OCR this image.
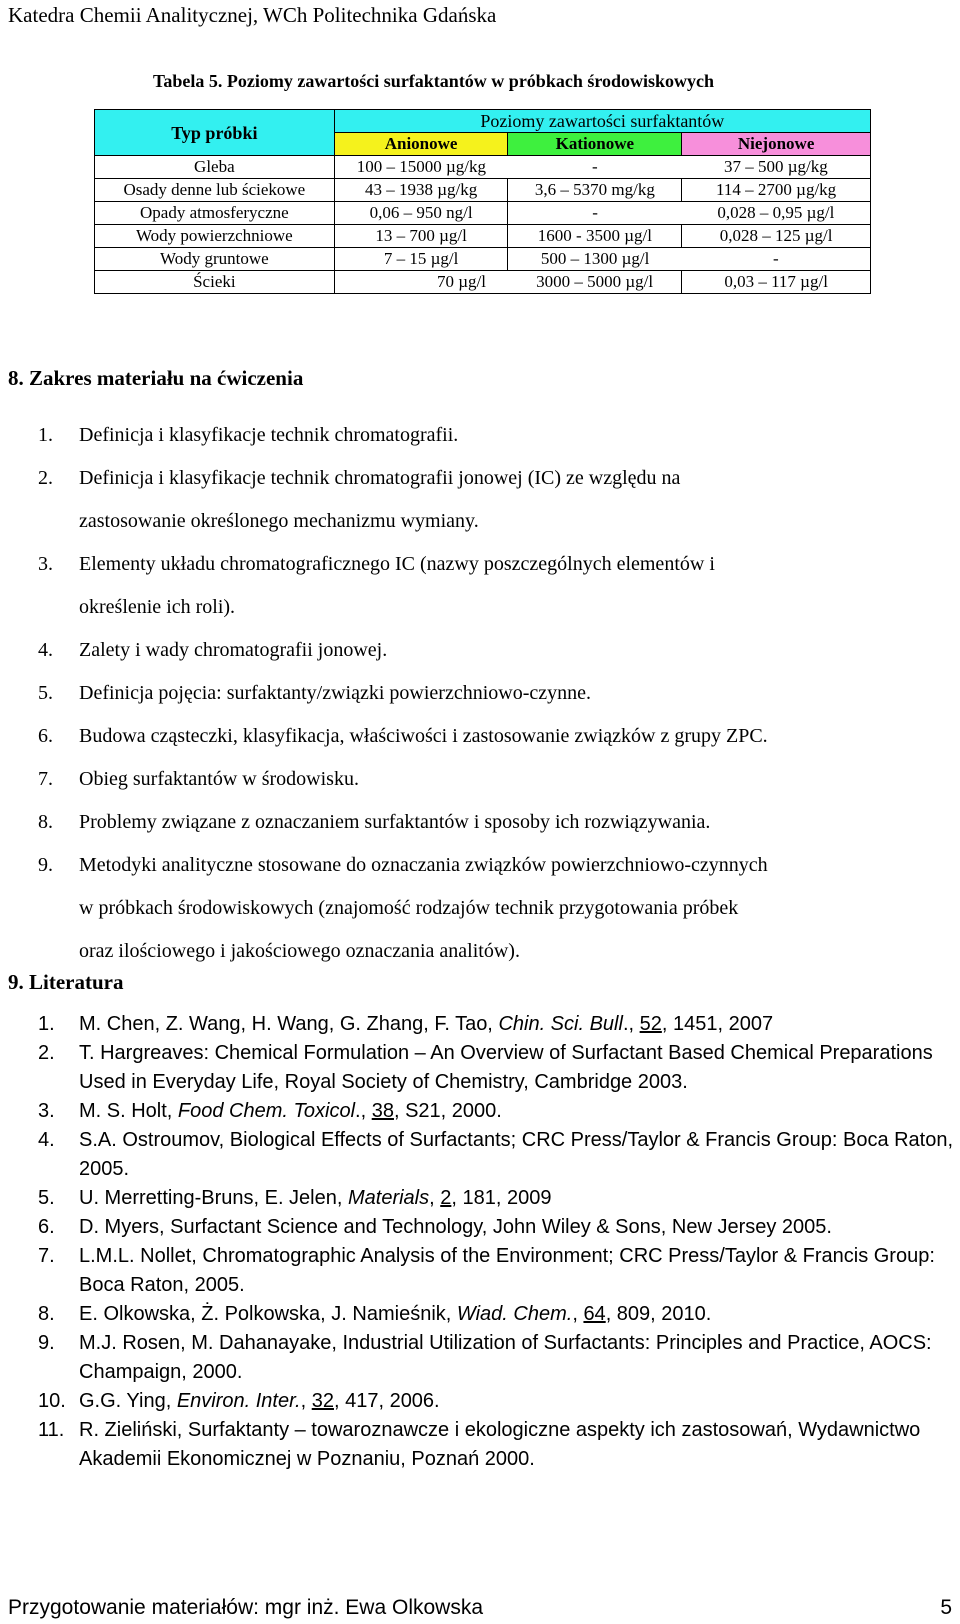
Katedra Chemii Analitycznej, WCh Politechnika Gdańska
Tabela 5. Poziomy zawartości surfaktantów w próbkach środowiskowych
Typ próbki	Poziomy zawartości surfaktantów		
	Anionowe	Kationowe	Niejonowe
Gleba	100 – 15000 µg/kg	-	37 – 500 µg/kg
Osady denne lub ściekowe	43 – 1938 µg/kg	3,6 – 5370 mg/kg	114 – 2700 µg/kg
Opady atmosferyczne	0,06 – 950 ng/l	-	0,028 – 0,95 µg/l
Wody powierzchniowe	13 – 700 µg/l	1600 - 3500 µg/l	0,028 – 125 µg/l
Wody gruntowe	7 – 15 µg/l	500 – 1300 µg/l	-
Ścieki	70 µg/l	3000 – 5000 µg/l	0,03 – 117 µg/l
8. Zakres materiału na ćwiczenia
1. Definicja i klasyfikacje technik chromatografii.
2. Definicja i klasyfikacje technik chromatografii jonowej (IC) ze względu na
zastosowanie określonego mechanizmu wymiany.
3. Elementy układu chromatograficznego IC (nazwy poszczególnych elementów i
określenie ich roli).
4. Zalety i wady chromatografii jonowej.
5. Definicja pojęcia: surfaktanty/związki powierzchniowo-czynne.
6. Budowa cząsteczki, klasyfikacja, właściwości i zastosowanie związków z grupy ZPC.
7. Obieg surfaktantów w środowisku.
8. Problemy związane z oznaczaniem surfaktantów i sposoby ich rozwiązywania.
9. Metodyki analityczne stosowane do oznaczania związków powierzchniowo-czynnych
w próbkach środowiskowych (znajomość rodzajów technik przygotowania próbek
oraz ilościowego i jakościowego oznaczania analitów).
9. Literatura
1. M. Chen, Z. Wang, H. Wang, G. Zhang, F. Tao, Chin. Sci. Bull., 52, 1451, 2007
2. T. Hargreaves: Chemical Formulation – An Overview of Surfactant Based Chemical Preparations Used in Everyday Life, Royal Society of Chemistry, Cambridge 2003.
3. M. S. Holt, Food Chem. Toxicol., 38, S21, 2000.
4. S.A. Ostroumov, Biological Effects of Surfactants; CRC Press/Taylor & Francis Group: Boca Raton, 2005.
5. U. Merretting-Bruns, E. Jelen, Materials, 2, 181, 2009
6. D. Myers, Surfactant Science and Technology, John Wiley & Sons, New Jersey 2005.
7. L.M.L. Nollet, Chromatographic Analysis of the Environment; CRC Press/Taylor & Francis Group: Boca Raton, 2005.
8. E. Olkowska, Ż. Polkowska, J. Namieśnik, Wiad. Chem., 64, 809, 2010.
9. M.J. Rosen, M. Dahanayake, Industrial Utilization of Surfactants: Principles and Practice, AOCS: Champaign, 2000.
10. G.G. Ying, Environ. Inter., 32, 417, 2006.
11. R. Zieliński, Surfaktanty – towaroznawcze i ekologiczne aspekty ich zastosowań, Wydawnictwo Akademii Ekonomicznej w Poznaniu, Poznań 2000.
Przygotowanie materiałów: mgr inż. Ewa Olkowska	5
